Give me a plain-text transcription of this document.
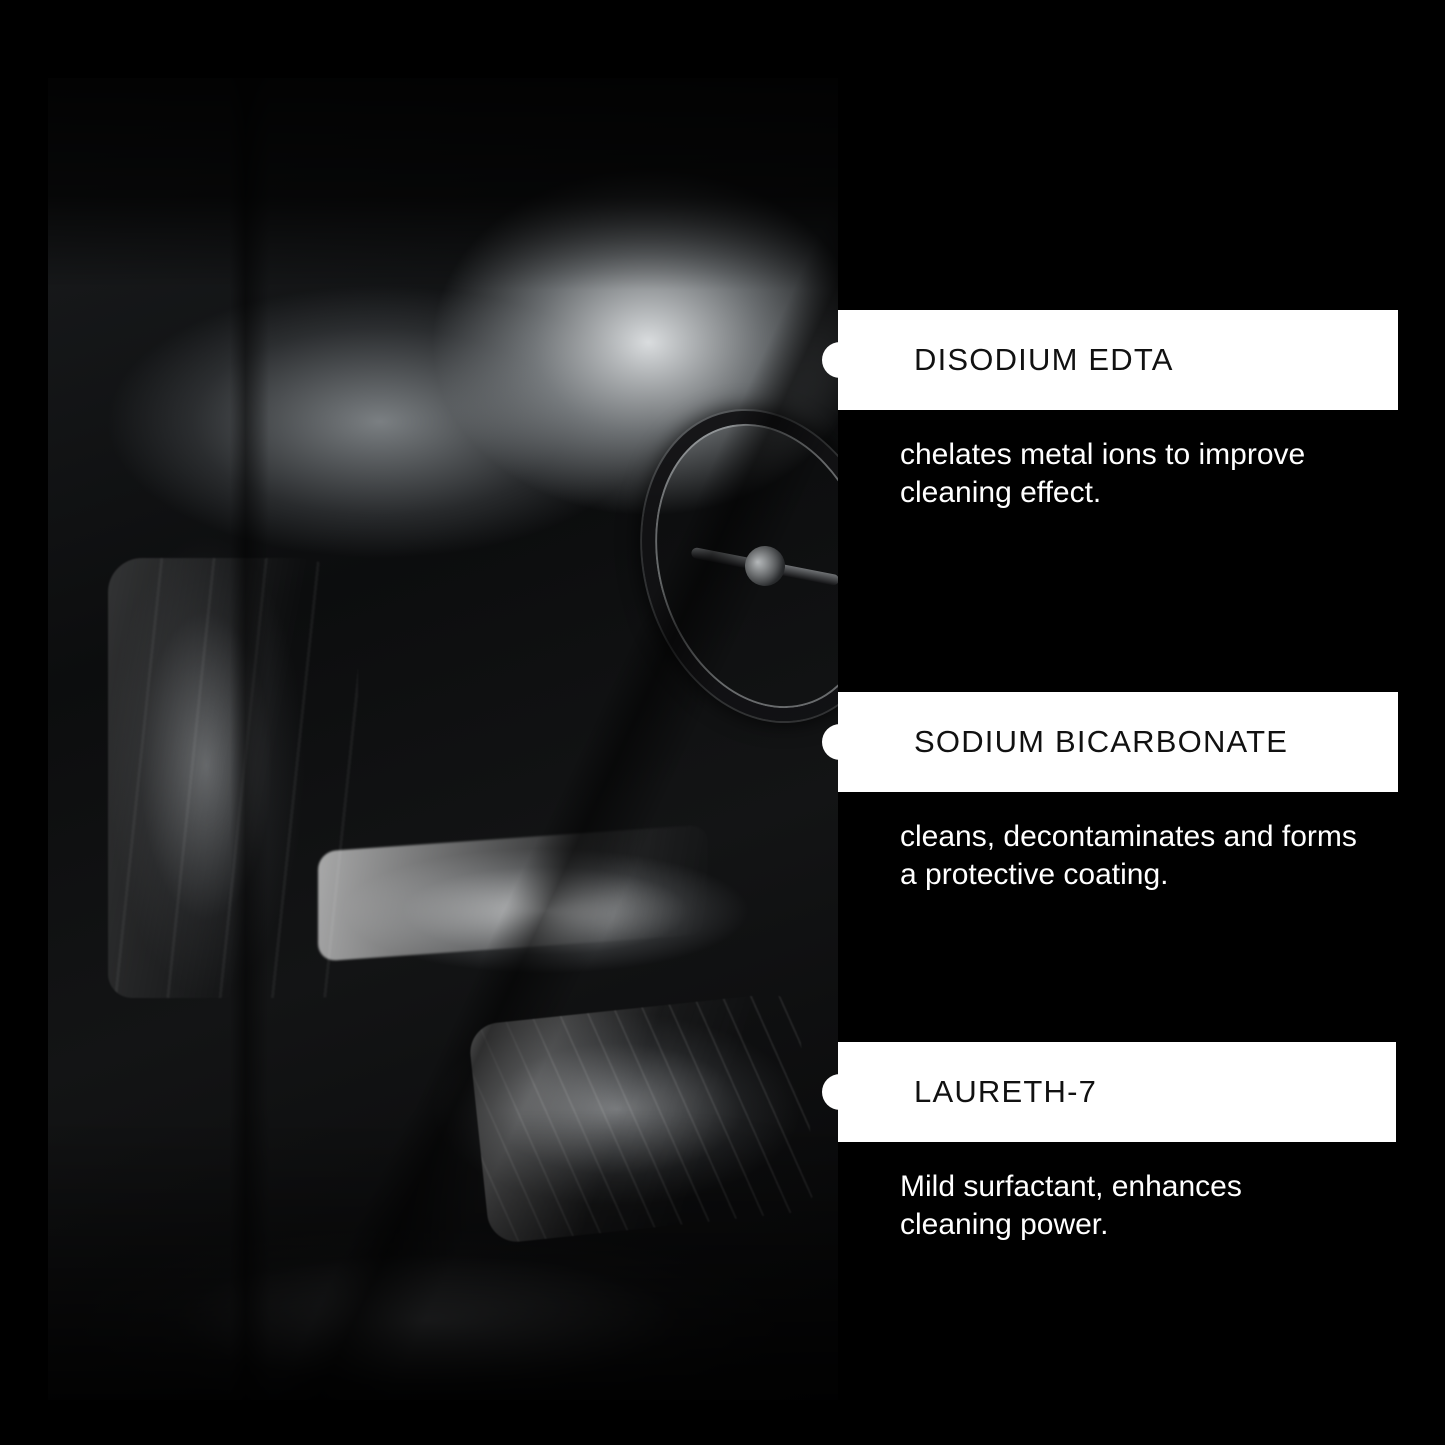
DISODIUM EDTA
chelates metal ions to improve cleaning effect.
SODIUM BICARBONATE
cleans, decontaminates and forms a protective coating.
LAURETH-7
Mild surfactant, enhances cleaning power.
